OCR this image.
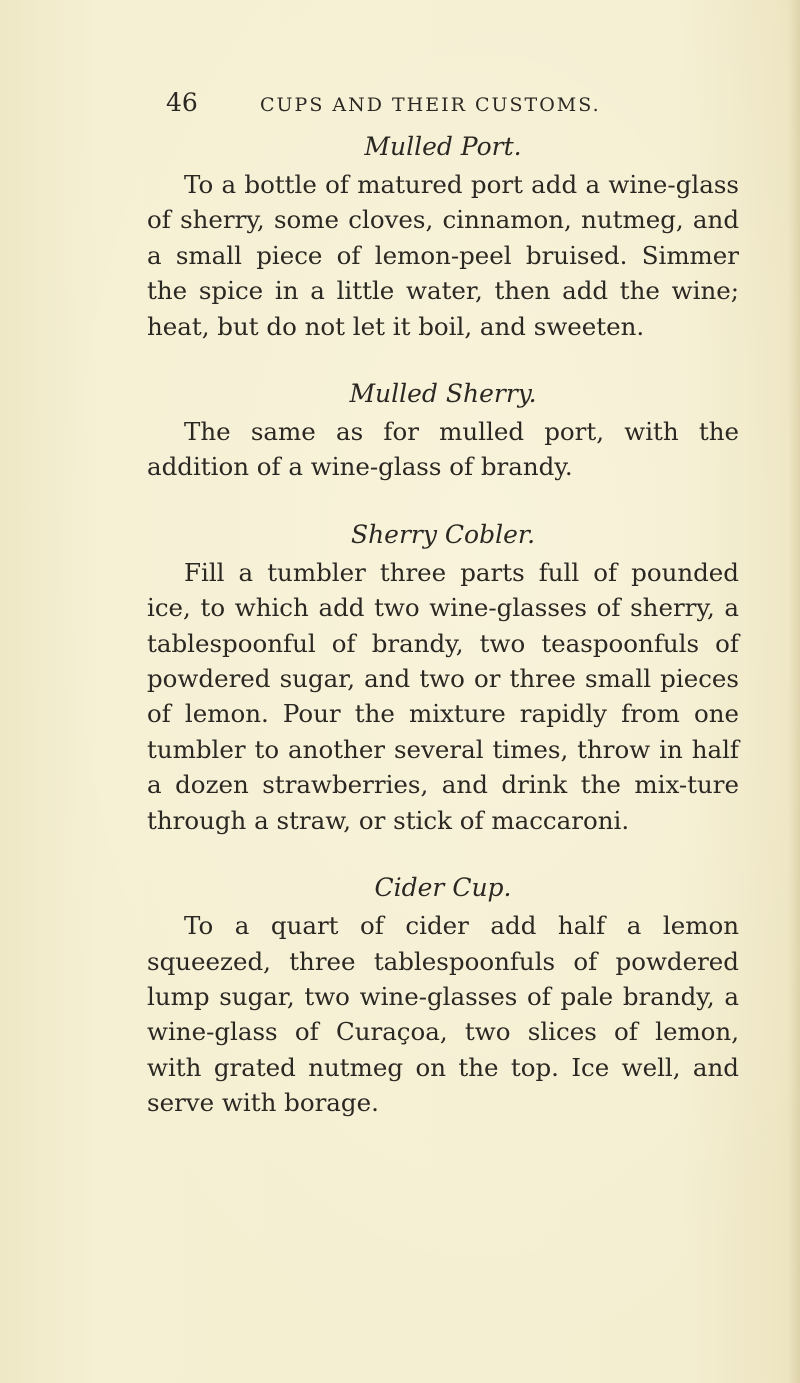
46	CUPS AND THEIR CUSTOMS.
Mulled Port.

To a bottle of matured port add a wine-glass of sherry, some cloves, cinnamon, nutmeg, and a small piece of lemon-peel bruised. Simmer the spice in a little water, then add the wine; heat, but do not let it boil, and sweeten.

Mulled Sherry.

The same as for mulled port, with the addition of a wine-glass of brandy.

Sherry Cobler.

Fill a tumbler three parts full of pounded ice, to which add two wine-glasses of sherry, a tablespoonful of brandy, two teaspoonfuls of powdered sugar, and two or three small pieces of lemon. Pour the mixture rapidly from one tumbler to another several times, throw in half a dozen strawberries, and drink the mix-ture through a straw, or stick of maccaroni.

Cider Cup.

To a quart of cider add half a lemon squeezed, three tablespoonfuls of powdered lump sugar, two wine-glasses of pale brandy, a wine-glass of Curaçoa, two slices of lemon, with grated nutmeg on the top. Ice well, and serve with borage.
